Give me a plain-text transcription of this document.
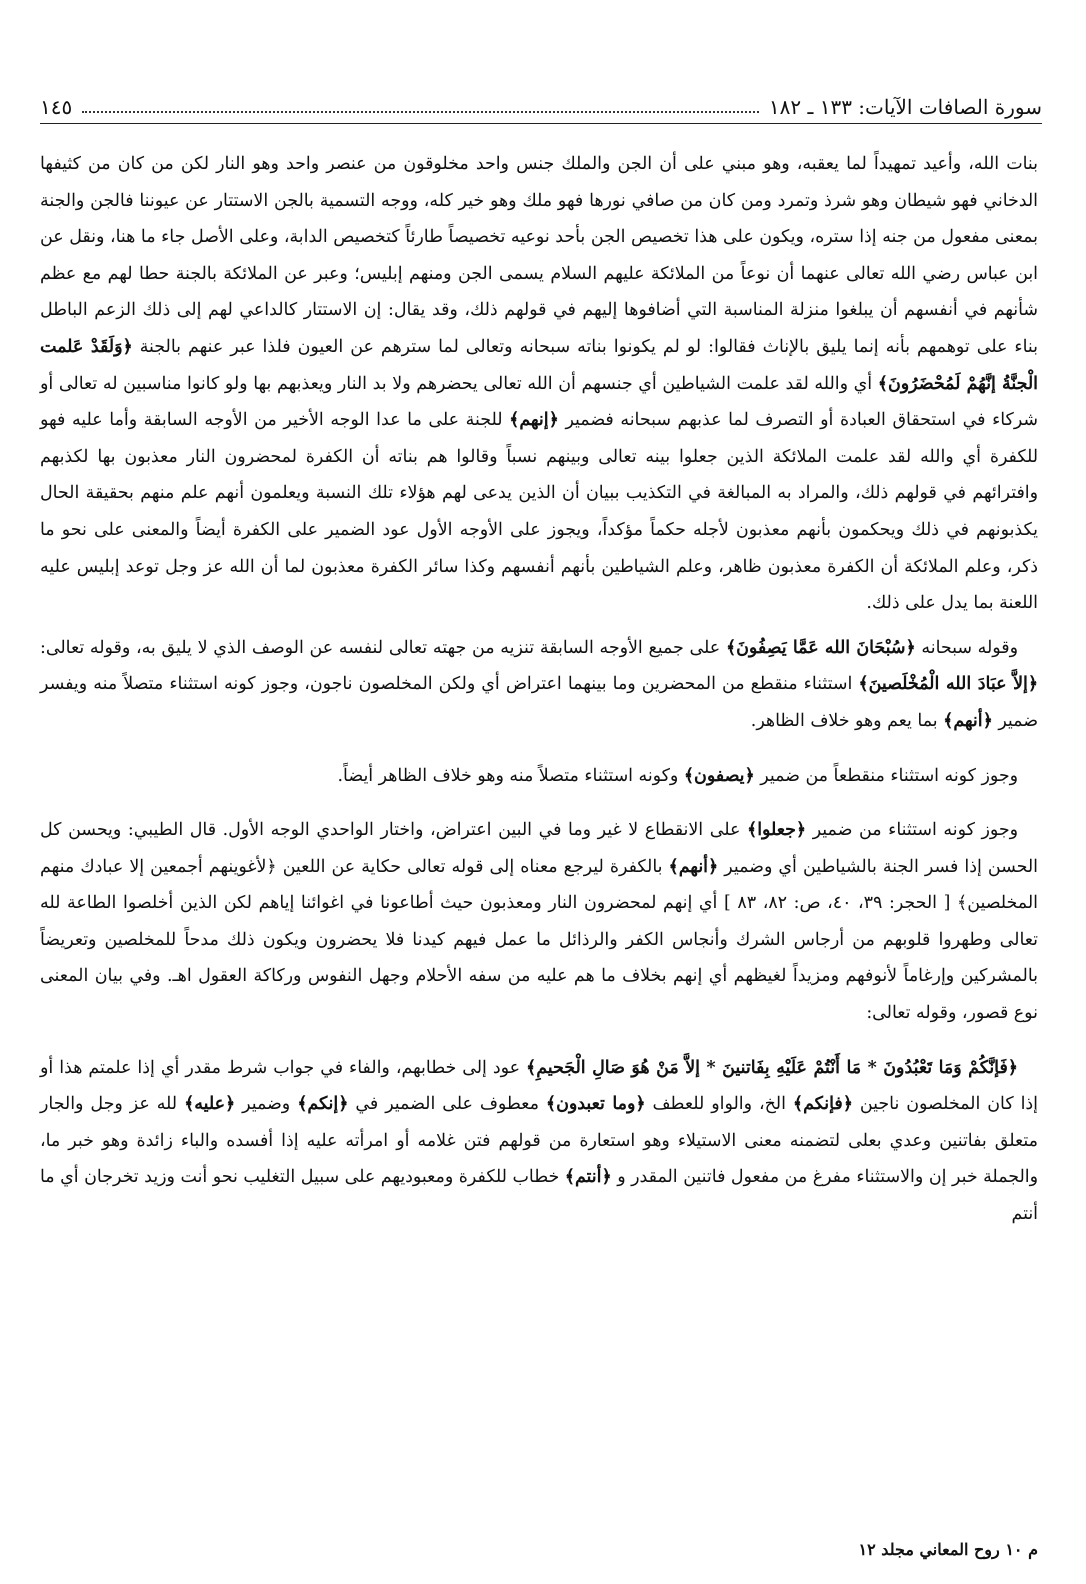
سورة الصافات الآيات: ١٣٣ ـ ١٨٢
١٤٥

بنات الله، وأعيد تمهيداً لما يعقبه، وهو مبني على أن الجن والملك جنس واحد مخلوقون من عنصر واحد وهو النار لكن من كان من كثيفها الدخاني فهو شيطان وهو شرذ وتمرد ومن كان من صافي نورها فهو ملك وهو خير كله، ووجه التسمية بالجن الاستتار عن عيوننا فالجن والجنة بمعنى مفعول من جنه إذا ستره، ويكون على هذا تخصيص الجن بأحد نوعيه تخصيصاً طارئاً كتخصيص الدابة، وعلى الأصل جاء ما هنا، ونقل عن ابن عباس رضي الله تعالى عنهما أن نوعاً من الملائكة عليهم السلام يسمى الجن ومنهم إبليس؛ وعبر عن الملائكة بالجنة حطا لهم مع عظم شأنهم في أنفسهم أن يبلغوا منزلة المناسبة التي أضافوها إليهم في قولهم ذلك، وقد يقال: إن الاستتار كالداعي لهم إلى ذلك الزعم الباطل بناء على توهمهم بأنه إنما يليق بالإناث فقالوا: لو لم يكونوا بناته سبحانه وتعالى لما سترهم عن العيون فلذا عبر عنهم بالجنة ﴿وَلَقَدْ عَلمت الْجنَّةُ إنَّهُمْ لَمُحْضَرُونَ﴾ أي والله لقد علمت الشياطين أي جنسهم أن الله تعالى يحضرهم ولا بد النار ويعذبهم بها ولو كانوا مناسبين له تعالى أو شركاء في استحقاق العبادة أو التصرف لما عذبهم سبحانه فضمير ﴿إنهم﴾ للجنة على ما عدا الوجه الأخير من الأوجه السابقة وأما عليه فهو للكفرة أي والله لقد علمت الملائكة الذين جعلوا بينه تعالى وبينهم نسباً وقالوا هم بناته أن الكفرة لمحضرون النار معذبون بها لكذبهم وافترائهم في قولهم ذلك، والمراد به المبالغة في التكذيب ببيان أن الذين يدعى لهم هؤلاء تلك النسبة ويعلمون أنهم علم منهم بحقيقة الحال يكذبونهم في ذلك ويحكمون بأنهم معذبون لأجله حكماً مؤكداً، ويجوز على الأوجه الأول عود الضمير على الكفرة أيضاً والمعنى على نحو ما ذكر، وعلم الملائكة أن الكفرة معذبون ظاهر، وعلم الشياطين بأنهم أنفسهم وكذا سائر الكفرة معذبون لما أن الله عز وجل توعد إبليس عليه اللعنة بما يدل على ذلك.

وقوله سبحانه ﴿سُبْحَانَ الله عَمَّا يَصِفُونَ﴾ على جميع الأوجه السابقة تنزيه من جهته تعالى لنفسه عن الوصف الذي لا يليق به، وقوله تعالى: ﴿إلاَّ عبَادَ الله الْمُخْلَصينَ﴾ استثناء منقطع من المحضرين وما بينهما اعتراض أي ولكن المخلصون ناجون، وجوز كونه استثناء متصلاً منه ويفسر ضمير ﴿أنهم﴾ بما يعم وهو خلاف الظاهر.

وجوز كونه استثناء منقطعاً من ضمير ﴿يصفون﴾ وكونه استثناء متصلاً منه وهو خلاف الظاهر أيضاً.

وجوز كونه استثناء من ضمير ﴿جعلوا﴾ على الانقطاع لا غير وما في البين اعتراض، واختار الواحدي الوجه الأول. قال الطيبي: ويحسن كل الحسن إذا فسر الجنة بالشياطين أي وضمير ﴿أنهم﴾ بالكفرة ليرجع معناه إلى قوله تعالى حكاية عن اللعين ﴿لأغوينهم أجمعين إلا عبادك منهم المخلصين﴾ [ الحجر: ٣٩، ٤٠، ص: ٨٢، ٨٣ ] أي إنهم لمحضرون النار ومعذبون حيث أطاعونا في اغوائنا إياهم لكن الذين أخلصوا الطاعة لله تعالى وطهروا قلوبهم من أرجاس الشرك وأنجاس الكفر والرذائل ما عمل فيهم كيدنا فلا يحضرون ويكون ذلك مدحاً للمخلصين وتعريضاً بالمشركين وإرغاماً لأنوفهم ومزيداً لغيظهم أي إنهم بخلاف ما هم عليه من سفه الأحلام وجهل النفوس وركاكة العقول اهـ. وفي بيان المعنى نوع قصور، وقوله تعالى:

﴿فَإنَّكُمْ وَمَا تَعْبُدُونَ * مَا أَنْتُمْ عَلَيْهِ بِفَاتنينَ * إلاَّ مَنْ هُوَ صَالِ الْجَحيمِ﴾ عود إلى خطابهم، والفاء في جواب شرط مقدر أي إذا علمتم هذا أو إذا كان المخلصون ناجين ﴿فإنكم﴾ الخ، والواو للعطف ﴿وما تعبدون﴾ معطوف على الضمير في ﴿إنكم﴾ وضمير ﴿عليه﴾ لله عز وجل والجار متعلق بفاتنين وعدي بعلى لتضمنه معنى الاستيلاء وهو استعارة من قولهم فتن غلامه أو امرأته عليه إذا أفسده والباء زائدة وهو خبر ما، والجملة خبر إن والاستثناء مفرغ من مفعول فاتنين المقدر و ﴿أنتم﴾ خطاب للكفرة ومعبوديهم على سبيل التغليب نحو أنت وزيد تخرجان أي ما أنتم

م ١٠ روح المعاني مجلد ١٢
